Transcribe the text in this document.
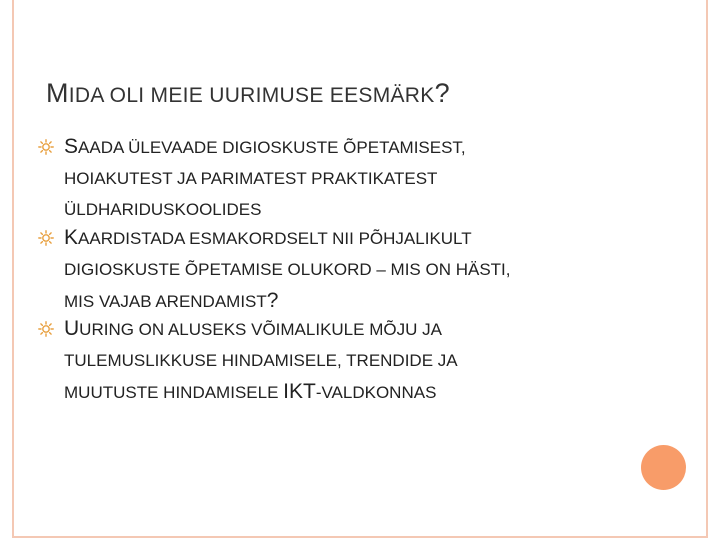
MIDA OLI MEIE UURIMUSE EESMÄRK?
SAADA ÜLEVAADE DIGIOSKUSTE ÕPETAMISEST,
HOIAKUTEST JA PARIMATEST PRAKTIKATEST
ÜLDHARIDUSKOOLIDES
KAARDISTADA ESMAKORDSELT NII PÕHJALIKULT
DIGIOSKUSTE ÕPETAMISE OLUKORD – MIS ON HÄSTI,
MIS VAJAB ARENDAMIST?
UURING ON ALUSEKS VÕIMALIKULE MÕJU JA
TULEMUSLIKKUSE HINDAMISELE, TRENDIDE JA
MUUTUSTE HINDAMISELE IKT-VALDKONNAS
